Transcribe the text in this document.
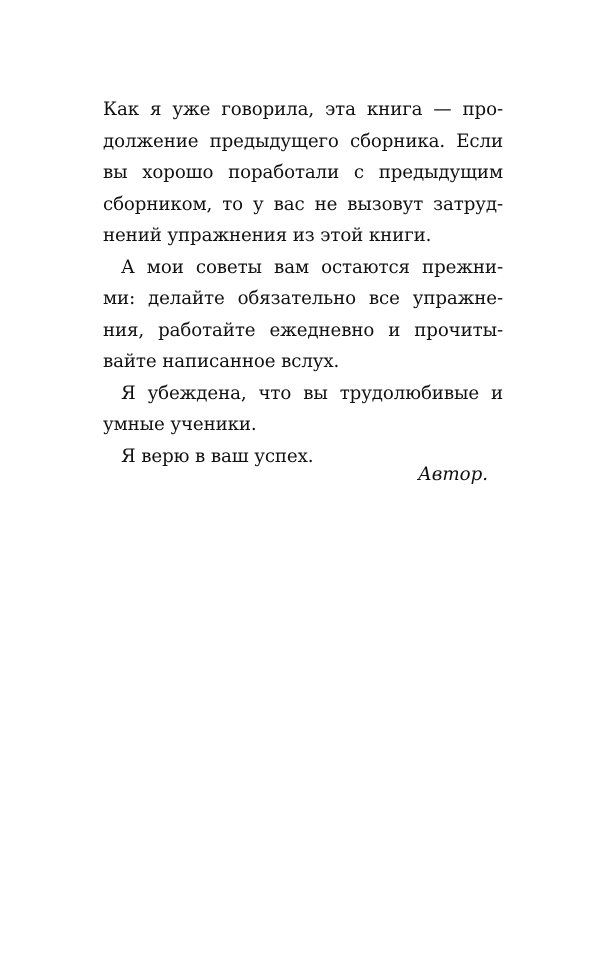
Как я уже говорила, эта книга — про-
должение предыдущего сборника. Если
вы хорошо поработали с предыдущим
сборником, то у вас не вызовут затруд-
нений упражнения из этой книги.
А мои советы вам остаются прежни-
ми: делайте обязательно все упражне-
ния, работайте ежедневно и прочиты-
вайте написанное вслух.
Я убеждена, что вы трудолюбивые и
умные ученики.
Я верю в ваш успех.
Автор.
